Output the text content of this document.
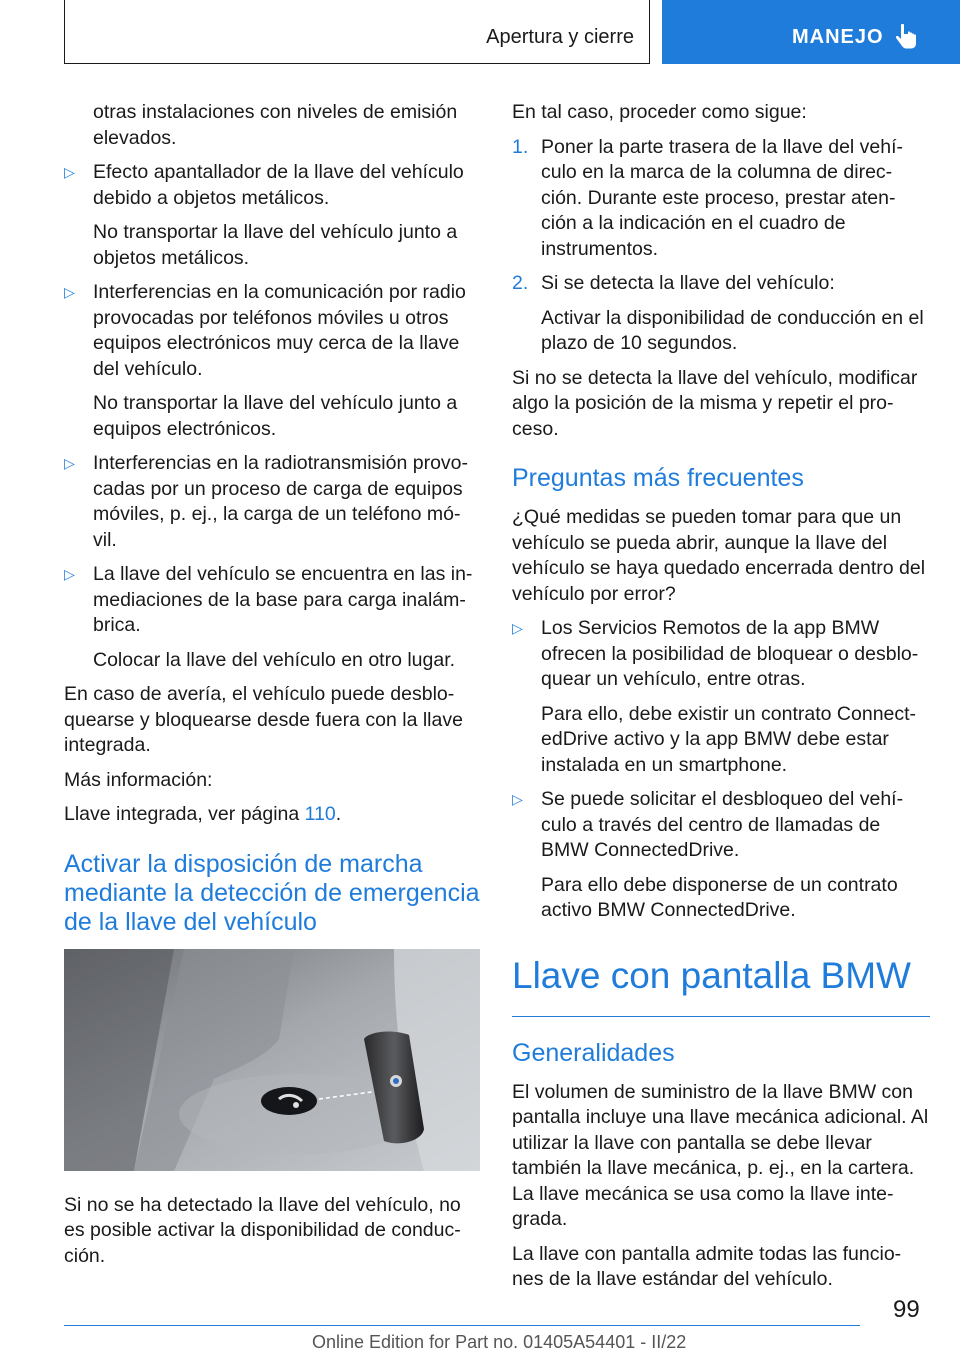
Apertura y cierre	MANEJO

otras instalaciones con niveles de emisión elevados.

▷ Efecto apantallador de la llave del vehículo debido a objetos metálicos.

No transportar la llave del vehículo junto a objetos metálicos.

▷ Interferencias en la comunicación por radio provocadas por teléfonos móviles u otros equipos electrónicos muy cerca de la llave del vehículo.

No transportar la llave del vehículo junto a equipos electrónicos.

▷ Interferencias en la radiotransmisión provo‐cadas por un proceso de carga de equipos móviles, p. ej., la carga de un teléfono mó‐vil.
▷ La llave del vehículo se encuentra en las in‐mediaciones de la base para carga inalám‐brica.

Colocar la llave del vehículo en otro lugar.

En caso de avería, el vehículo puede desblo‐quearse y bloquearse desde fuera con la llave integrada.

Más información:

Llave integrada, ver página 110.

Activar la disposición de marcha mediante la detección de emergencia de la llave del vehículo

Si no se ha detectado la llave del vehículo, no es posible activar la disponibilidad de conduc‐ción.

En tal caso, proceder como sigue:

1. Poner la parte trasera de la llave del vehí‐culo en la marca de la columna de direc‐ción. Durante este proceso, prestar aten‐ción a la indicación en el cuadro de instrumentos.
2. Si se detecta la llave del vehículo:

Activar la disponibilidad de conducción en el plazo de 10 segundos.

Si no se detecta la llave del vehículo, modificar algo la posición de la misma y repetir el pro‐ceso.

Preguntas más frecuentes

¿Qué medidas se pueden tomar para que un vehículo se pueda abrir, aunque la llave del vehículo se haya quedado encerrada dentro del vehículo por error?

▷ Los Servicios Remotos de la app BMW ofrecen la posibilidad de bloquear o desblo‐quear un vehículo, entre otras.

Para ello, debe existir un contrato Connect‐edDrive activo y la app BMW debe estar instalada en un smartphone.

▷ Se puede solicitar el desbloqueo del vehí‐culo a través del centro de llamadas de BMW ConnectedDrive.

Para ello debe disponerse de un contrato activo BMW ConnectedDrive.

Llave con pantalla BMW
Generalidades

El volumen de suministro de la llave BMW con pantalla incluye una llave mecánica adicional. Al utilizar la llave con pantalla se debe llevar también la llave mecánica, p. ej., en la cartera. La llave mecánica se usa como la llave inte‐grada.

La llave con pantalla admite todas las funcio‐nes de la llave estándar del vehículo.

99
Online Edition for Part no. 01405A54401 - II/22
